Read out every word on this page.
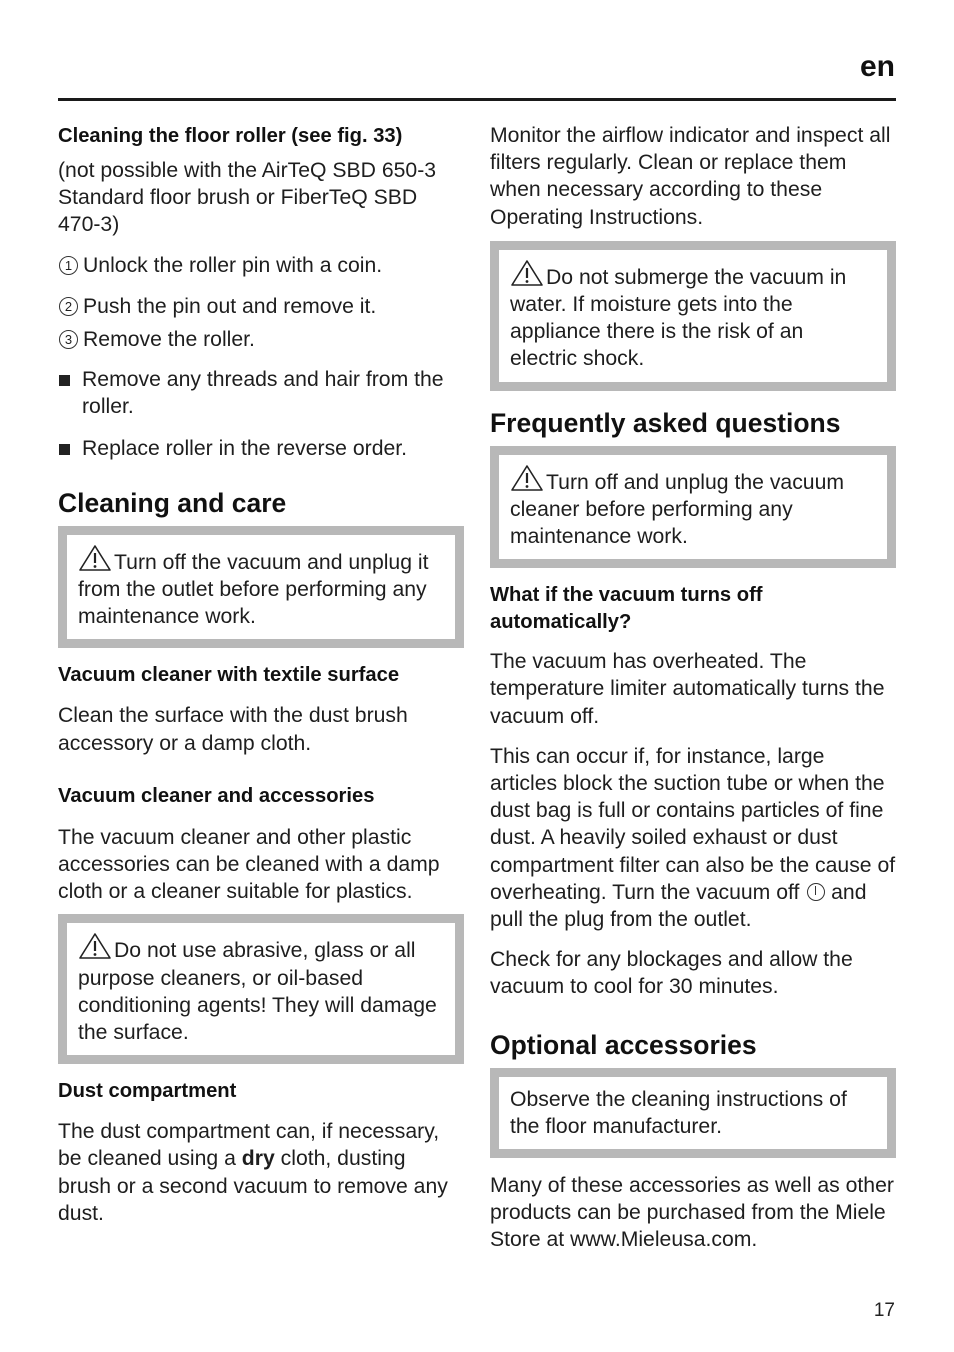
en
Cleaning the floor roller (see fig. 33)

(not possible with the AirTeQ SBD 650-3 Standard floor brush or FiberTeQ SBD 470-3)

1 Unlock the roller pin with a coin.

2 Push the pin out and remove it.

3 Remove the roller.

Remove any threads and hair from the roller.

Replace roller in the reverse order.

Cleaning and care

Turn off the vacuum and unplug it from the outlet before performing any maintenance work.

Vacuum cleaner with textile surface

Clean the surface with the dust brush accessory or a damp cloth.

Vacuum cleaner and accessories

The vacuum cleaner and other plastic accessories can be cleaned with a damp cloth or a cleaner suitable for plastics.

Do not use abrasive, glass or all purpose cleaners, or oil-based conditioning agents! They will damage the surface.

Dust compartment

The dust compartment can, if necessary, be cleaned using a dry cloth, dusting brush or a second vacuum to remove any dust.

Monitor the airflow indicator and inspect all filters regularly. Clean or replace them when necessary according to these Operating Instructions.

Do not submerge the vacuum in water. If moisture gets into the appliance there is the risk of an electric shock.

Frequently asked questions

Turn off and unplug the vacuum cleaner before performing any maintenance work.

What if the vacuum turns off automatically?

The vacuum has overheated. The temperature limiter automatically turns the vacuum off.

This can occur if, for instance, large articles block the suction tube or when the dust bag is full or contains particles of fine dust. A heavily soiled exhaust or dust compartment filter can also be the cause of overheating. Turn the vacuum off  and pull the plug from the outlet.

Check for any blockages and allow the vacuum to cool for 30 minutes.

Optional accessories

Observe the cleaning instructions of the floor manufacturer.

Many of these accessories as well as other products can be purchased from the Miele Store at www.Mieleusa.com.

17
